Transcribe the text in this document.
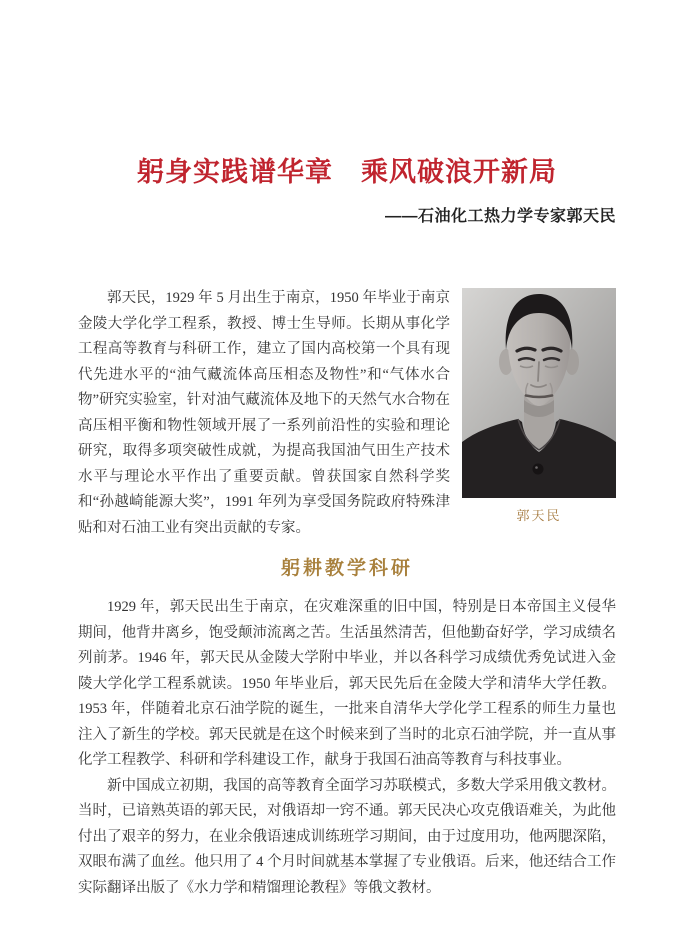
躬身实践谱华章　乘风破浪开新局
——石油化工热力学专家郭天民

郭天民，1929 年 5 月出生于南京，1950 年毕业于南京金陵大学化学工程系，教授、博士生导师。长期从事化学工程高等教育与科研工作，建立了国内高校第一个具有现代先进水平的“油气藏流体高压相态及物性”和“气体水合物”研究实验室，针对油气藏流体及地下的天然气水合物在高压相平衡和物性领域开展了一系列前沿性的实验和理论研究，取得多项突破性成就，为提高我国油气田生产技术水平与理论水平作出了重要贡献。曾获国家自然科学奖和“孙越崎能源大奖”，1991 年列为享受国务院政府特殊津贴和对石油工业有突出贡献的专家。

郭天民
躬耕教学科研

1929 年，郭天民出生于南京，在灾难深重的旧中国，特别是日本帝国主义侵华期间，他背井离乡，饱受颠沛流离之苦。生活虽然清苦，但他勤奋好学，学习成绩名列前茅。1946 年，郭天民从金陵大学附中毕业，并以各科学习成绩优秀免试进入金陵大学化学工程系就读。1950 年毕业后，郭天民先后在金陵大学和清华大学任教。1953 年，伴随着北京石油学院的诞生，一批来自清华大学化学工程系的师生力量也注入了新生的学校。郭天民就是在这个时候来到了当时的北京石油学院，并一直从事化学工程教学、科研和学科建设工作，献身于我国石油高等教育与科技事业。

新中国成立初期，我国的高等教育全面学习苏联模式，多数大学采用俄文教材。当时，已谙熟英语的郭天民，对俄语却一窍不通。郭天民决心攻克俄语难关，为此他付出了艰辛的努力，在业余俄语速成训练班学习期间，由于过度用功，他两腮深陷，双眼布满了血丝。他只用了 4 个月时间就基本掌握了专业俄语。后来，他还结合工作实际翻译出版了《水力学和精馏理论教程》等俄文教材。
